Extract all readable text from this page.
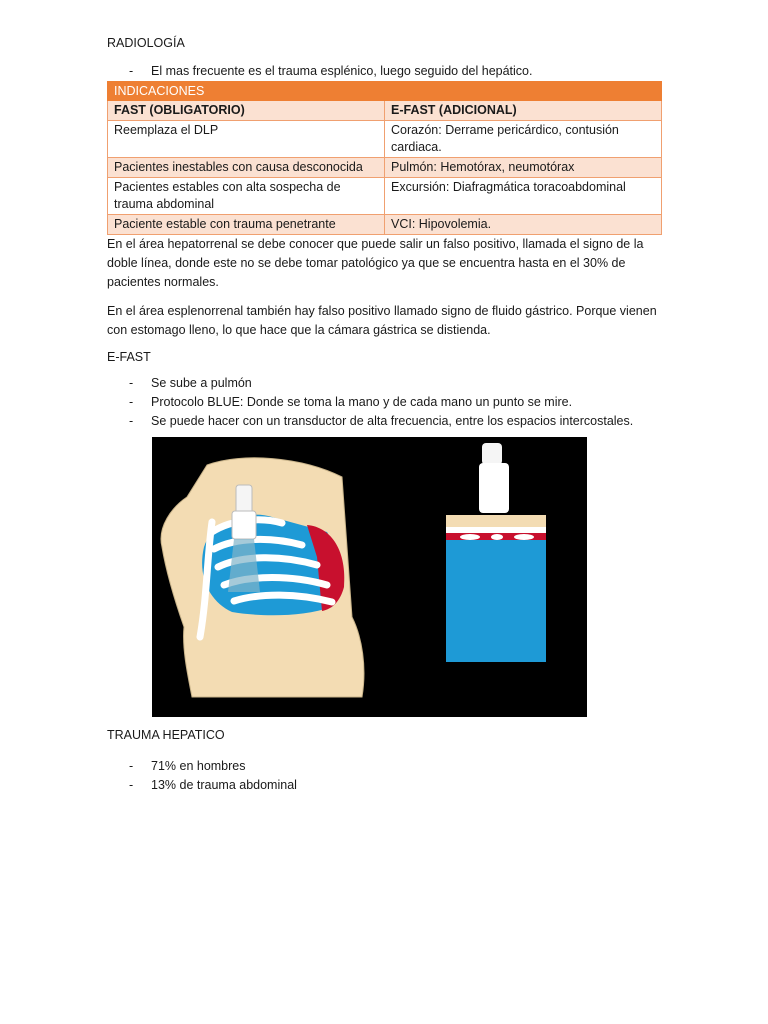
RADIOLOGÍA
- El mas frecuente es el trauma esplénico, luego seguido del hepático.
INDICACIONES	
FAST (OBLIGATORIO)	E-FAST (ADICIONAL)
Reemplaza el DLP	Corazón: Derrame pericárdico, contusión cardiaca.
Pacientes inestables con causa desconocida	Pulmón: Hemotórax, neumotórax
Pacientes estables con alta sospecha de trauma abdominal	Excursión: Diafragmática toracoabdominal
Paciente estable con trauma penetrante	VCI: Hipovolemia.

En el área hepatorrenal se debe conocer que puede salir un falso positivo, llamada el signo de la doble línea, donde este no se debe tomar patológico ya que se encuentra hasta en el 30% de pacientes normales.

En el área esplenorrenal también hay falso positivo llamado signo de fluido gástrico. Porque vienen con estomago lleno, lo que hace que la cámara gástrica se distienda.

E-FAST
- Se sube a pulmón
- Protocolo BLUE: Donde se toma la mano y de cada mano un punto se mire.
- Se puede hacer con un transductor de alta frecuencia, entre los espacios intercostales.
TRAUMA HEPATICO
- 71% en hombres
- 13% de trauma abdominal
